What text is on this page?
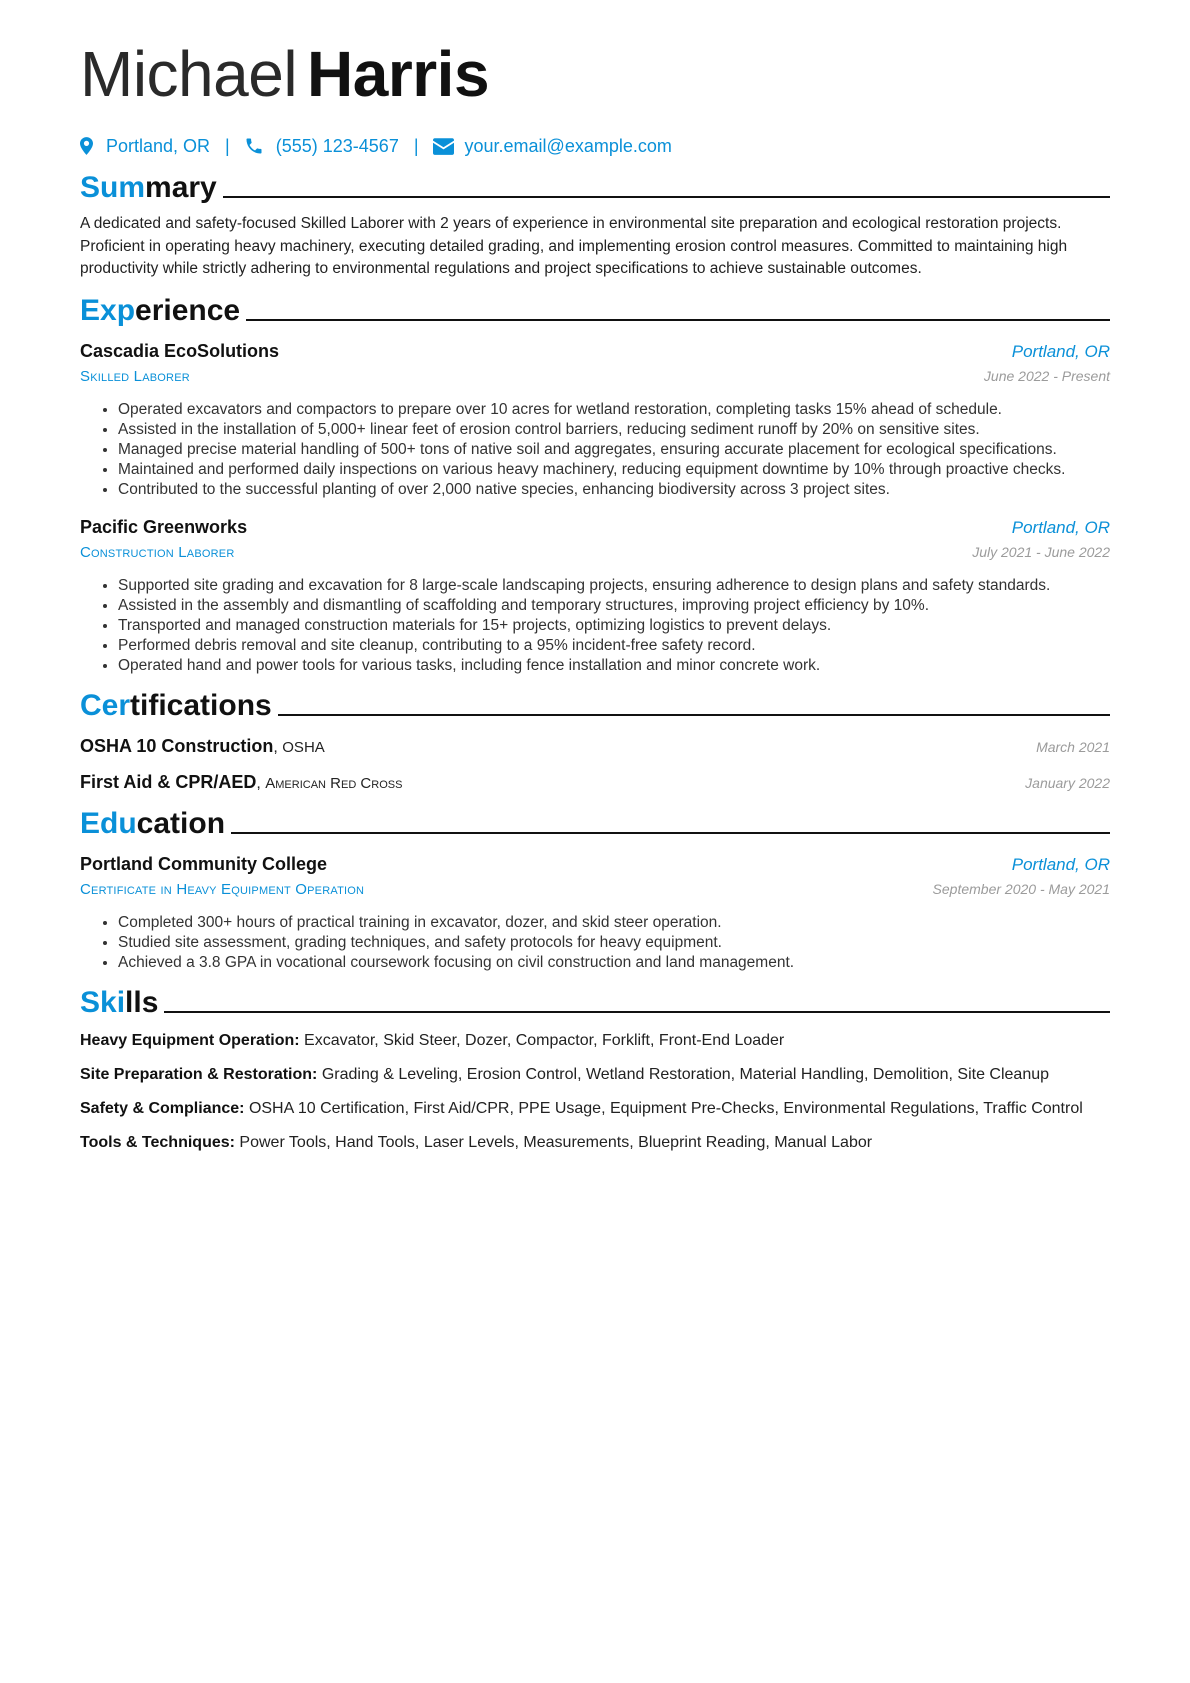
Michael Harris
Portland, OR |	(555) 123-4567 |	your.email@example.com
Summary

A dedicated and safety-focused Skilled Laborer with 2 years of experience in environmental site preparation and ecological restoration projects. Proficient in operating heavy machinery, executing detailed grading, and implementing erosion control measures. Committed to maintaining high productivity while strictly adhering to environmental regulations and project specifications to achieve sustainable outcomes.

Experience
Cascadia EcoSolutions	Portland, OR
Skilled Laborer	June 2022 - Present
• Operated excavators and compactors to prepare over 10 acres for wetland restoration, completing tasks 15% ahead of schedule.
• Assisted in the installation of 5,000+ linear feet of erosion control barriers, reducing sediment runoff by 20% on sensitive sites.
• Managed precise material handling of 500+ tons of native soil and aggregates, ensuring accurate placement for ecological specifications.
• Maintained and performed daily inspections on various heavy machinery, reducing equipment downtime by 10% through proactive checks.
• Contributed to the successful planting of over 2,000 native species, enhancing biodiversity across 3 project sites.
Pacific Greenworks	Portland, OR
Construction Laborer	July 2021 - June 2022
• Supported site grading and excavation for 8 large-scale landscaping projects, ensuring adherence to design plans and safety standards.
• Assisted in the assembly and dismantling of scaffolding and temporary structures, improving project efficiency by 10%.
• Transported and managed construction materials for 15+ projects, optimizing logistics to prevent delays.
• Performed debris removal and site cleanup, contributing to a 95% incident-free safety record.
• Operated hand and power tools for various tasks, including fence installation and minor concrete work.
Certifications
OSHA 10 Construction, OSHA	March 2021
First Aid & CPR/AED, American Red Cross	January 2022
Education
Portland Community College	Portland, OR
Certificate in Heavy Equipment Operation	September 2020 - May 2021
• Completed 300+ hours of practical training in excavator, dozer, and skid steer operation.
• Studied site assessment, grading techniques, and safety protocols for heavy equipment.
• Achieved a 3.8 GPA in vocational coursework focusing on civil construction and land management.
Skills

Heavy Equipment Operation: Excavator, Skid Steer, Dozer, Compactor, Forklift, Front-End Loader

Site Preparation & Restoration: Grading & Leveling, Erosion Control, Wetland Restoration, Material Handling, Demolition, Site Cleanup

Safety & Compliance: OSHA 10 Certification, First Aid/CPR, PPE Usage, Equipment Pre-Checks, Environmental Regulations, Traffic Control

Tools & Techniques: Power Tools, Hand Tools, Laser Levels, Measurements, Blueprint Reading, Manual Labor
